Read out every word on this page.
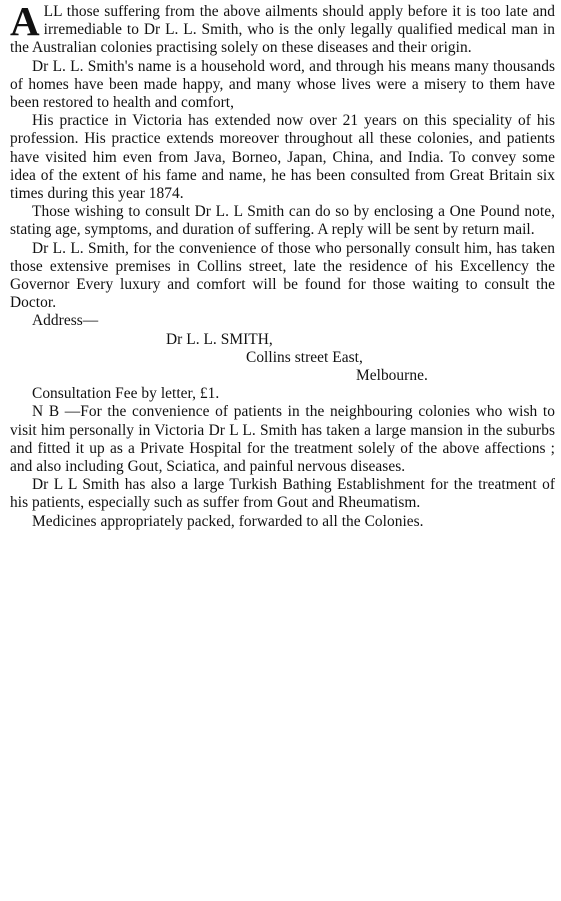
ALL those suffering from the above ailments should apply before it is too late and irremediable to Dr L. L. Smith, who is the only legally qualified medical man in the Australian colonies practising solely on these diseases and their origin.

Dr L. L. Smith's name is a household word, and through his means many thousands of homes have been made happy, and many whose lives were a misery to them have been restored to health and comfort,

His practice in Victoria has extended now over 21 years on this speciality of his profession. His practice extends moreover throughout all these colonies, and patients have visited him even from Java, Borneo, Japan, China, and India. To convey some idea of the extent of his fame and name, he has been consulted from Great Britain six times during this year 1874.

Those wishing to consult Dr L. L Smith can do so by enclosing a One Pound note, stating age, symptoms, and duration of suffering. A reply will be sent by return mail.

Dr L. L. Smith, for the convenience of those who personally consult him, has taken those extensive premises in Collins street, late the residence of his Excellency the Governor Every luxury and comfort will be found for those waiting to consult the Doctor.

Address—

Dr L. L. SMITH,

Collins street East,

Melbourne.

Consultation Fee by letter, £1.

N B —For the convenience of patients in the neighbouring colonies who wish to visit him personally in Victoria Dr L L. Smith has taken a large mansion in the suburbs and fitted it up as a Private Hospital for the treatment solely of the above affections ; and also including Gout, Sciatica, and painful nervous diseases.

Dr L L Smith has also a large Turkish Bathing Establishment for the treatment of his patients, especially such as suffer from Gout and Rheumatism.

Medicines appropriately packed, forwarded to all the Colonies.
